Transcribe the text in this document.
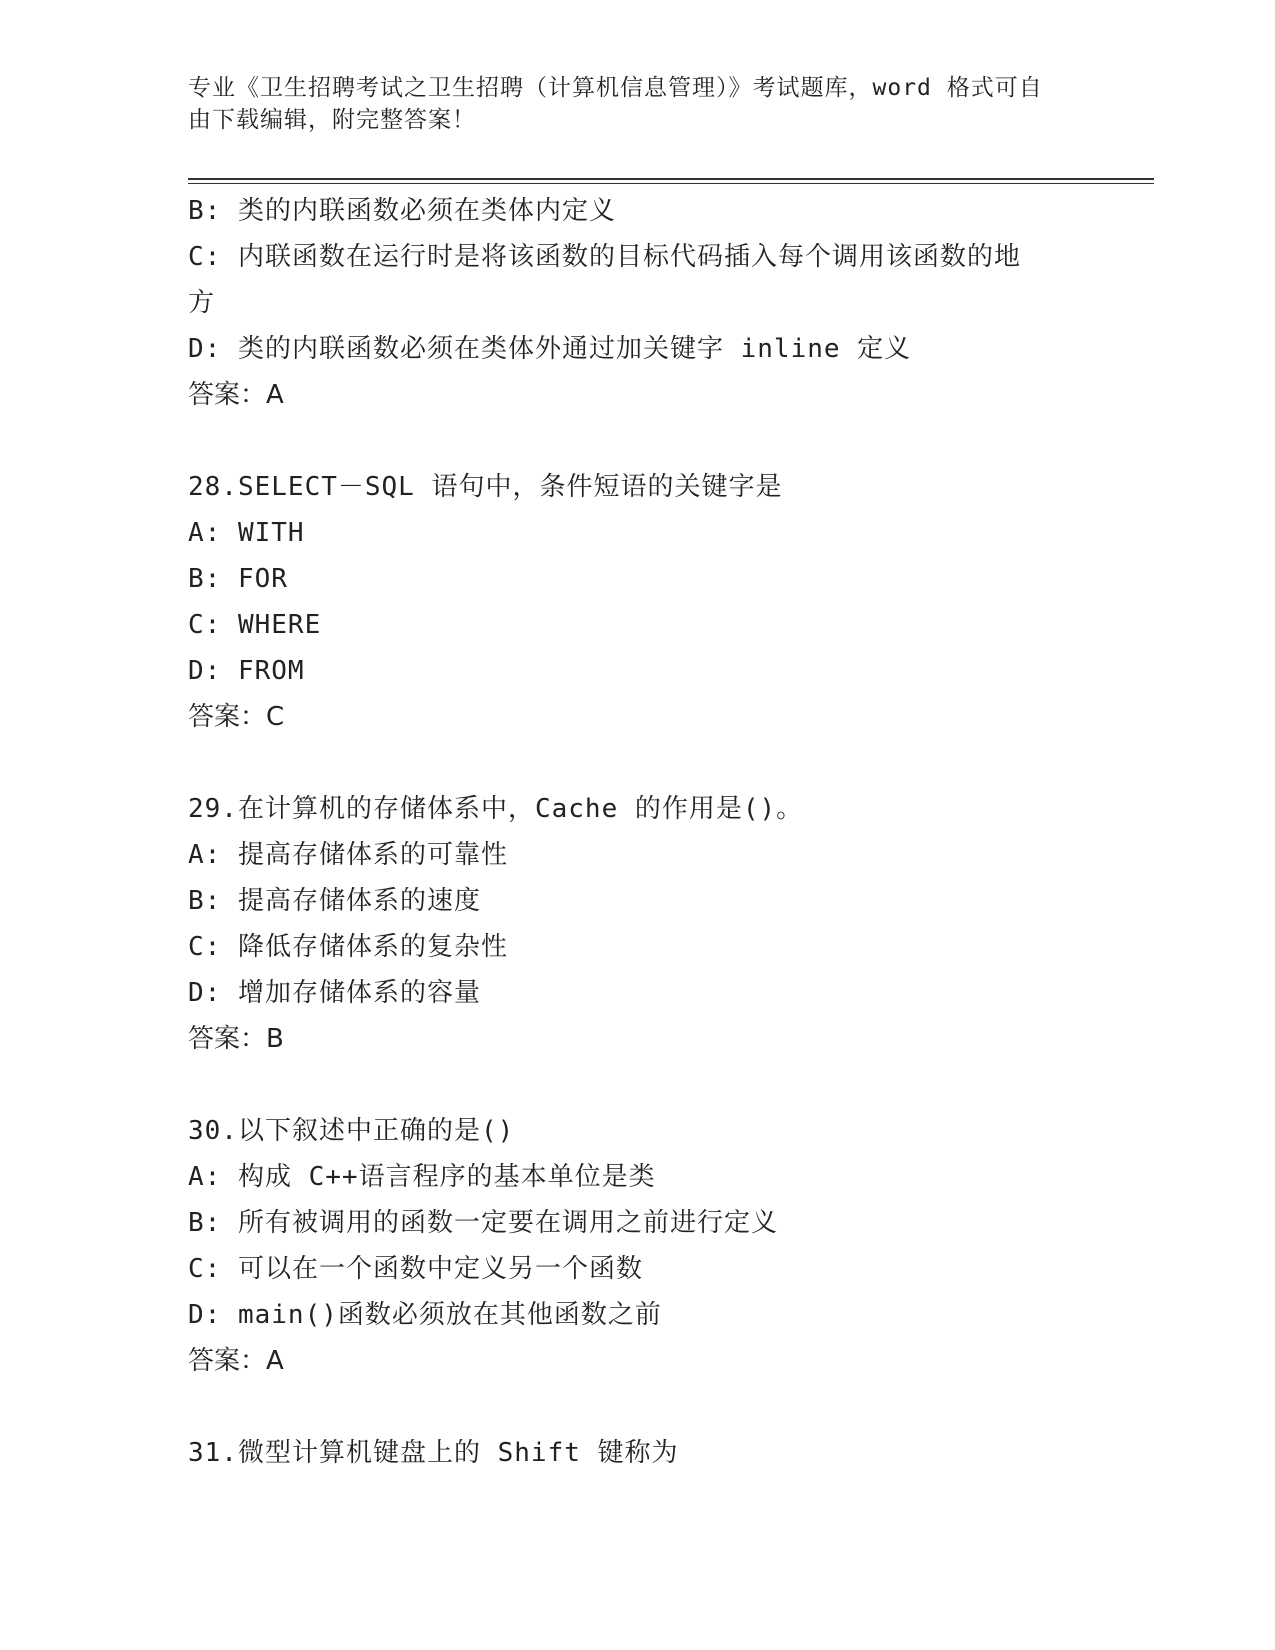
专业《卫生招聘考试之卫生招聘（计算机信息管理）》考试题库，word 格式可自
由下载编辑，附完整答案！
B: 类的内联函数必须在类体内定义
C: 内联函数在运行时是将该函数的目标代码插入每个调用该函数的地
方
D: 类的内联函数必须在类体外通过加关键字 inline 定义
答案：A
28.SELECT－SQL 语句中，条件短语的关键字是
A: WITH
B: FOR
C: WHERE
D: FROM
答案：C
29.在计算机的存储体系中，Cache 的作用是()。
A: 提高存储体系的可靠性
B: 提高存储体系的速度
C: 降低存储体系的复杂性
D: 增加存储体系的容量
答案：B
30.以下叙述中正确的是()
A: 构成 C++语言程序的基本单位是类
B: 所有被调用的函数一定要在调用之前进行定义
C: 可以在一个函数中定义另一个函数
D: main()函数必须放在其他函数之前
答案：A
31.微型计算机键盘上的 Shift 键称为
